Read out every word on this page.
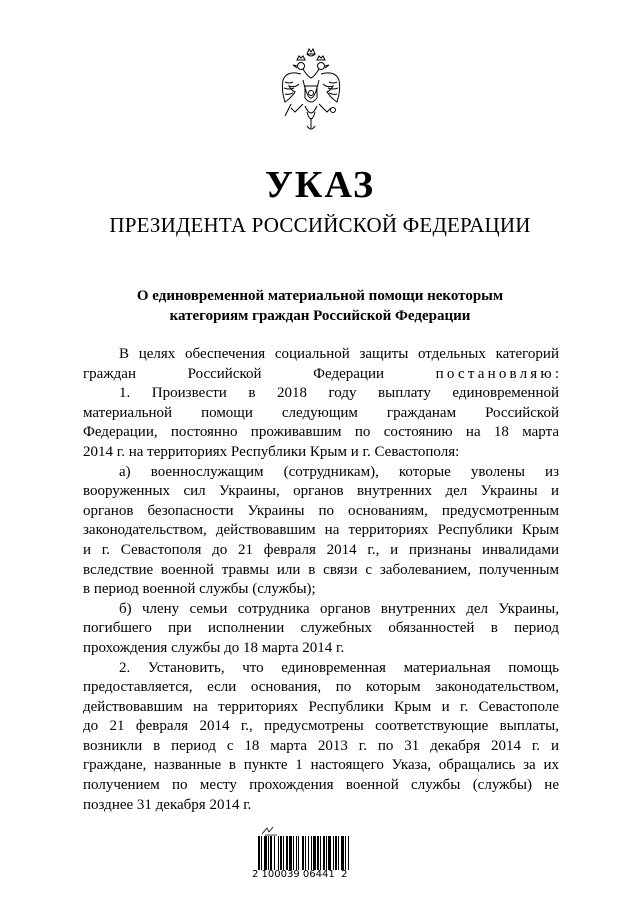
УКАЗ
ПРЕЗИДЕНТА РОССИЙСКОЙ ФЕДЕРАЦИИ
О единовременной материальной помощи некоторым
категориям граждан Российской Федерации
В целях обеспечения социальной защиты отдельных категорий
граждан Российской Федерации постановляю:
1. Произвести в 2018 году выплату единовременной
материальной помощи следующим гражданам Российской
Федерации, постоянно проживавшим по состоянию на 18 марта
2014 г. на территориях Республики Крым и г. Севастополя:
а) военнослужащим (сотрудникам), которые уволены из
вооруженных сил Украины, органов внутренних дел Украины и
органов безопасности Украины по основаниям, предусмотренным
законодательством, действовавшим на территориях Республики Крым
и г. Севастополя до 21 февраля 2014 г., и признаны инвалидами
вследствие военной травмы или в связи с заболеванием, полученным
в период военной службы (службы);
б) члену семьи сотрудника органов внутренних дел Украины,
погибшего при исполнении служебных обязанностей в период
прохождения службы до 18 марта 2014 г.
2. Установить, что единовременная материальная помощь
предоставляется, если основания, по которым законодательством,
действовавшим на территориях Республики Крым и г. Севастополе
до 21 февраля 2014 г., предусмотрены соответствующие выплаты,
возникли в период с 18 марта 2013 г. по 31 декабря 2014 г. и
граждане, названные в пункте 1 настоящего Указа, обращались за их
получением по месту прохождения военной службы (службы) не
позднее 31 декабря 2014 г.
2 100039 06441  2
